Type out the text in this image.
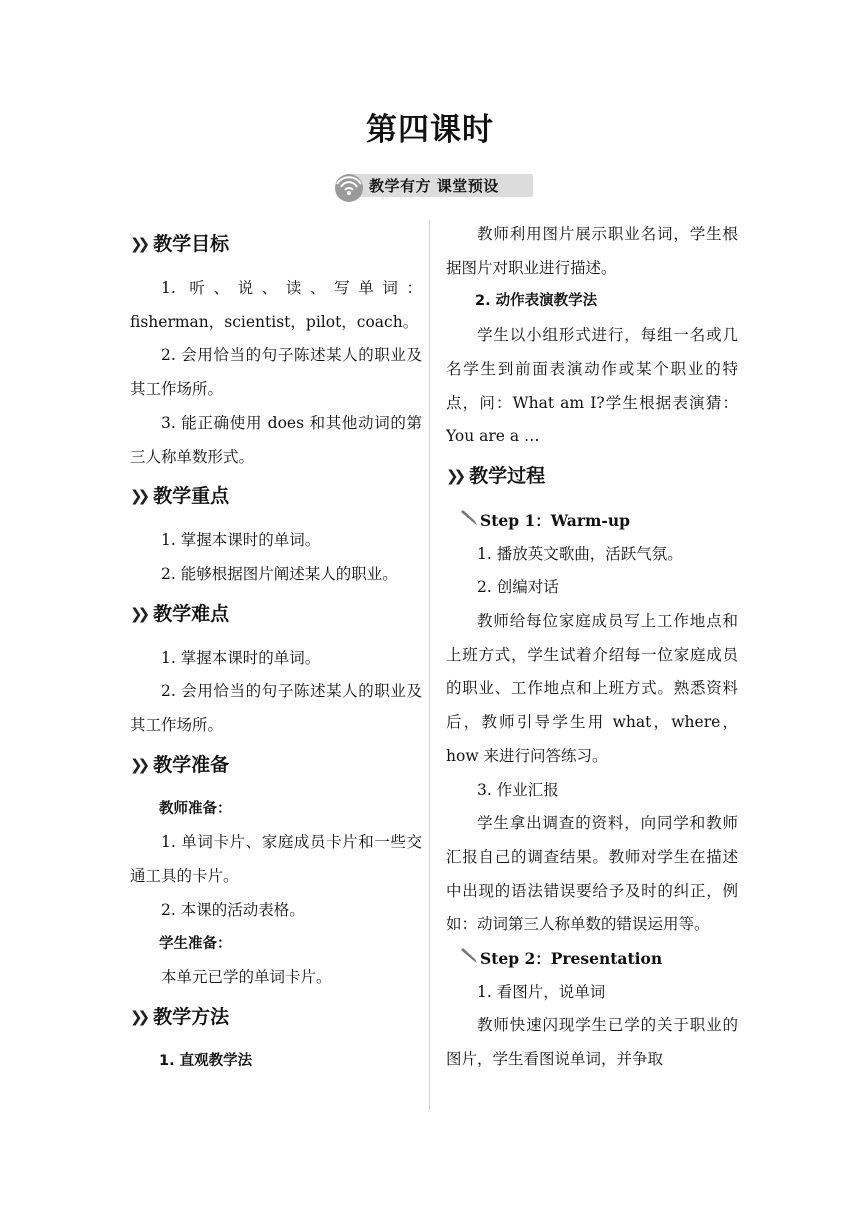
第四课时
教学有方 课堂预设
❯❯ 教学目标

1. 听、说、读、写单词：fisherman，scientist，pilot，coach。

2. 会用恰当的句子陈述某人的职业及其工作场所。

3. 能正确使用 does 和其他动词的第三人称单数形式。

❯❯ 教学重点

1. 掌握本课时的单词。

2. 能够根据图片阐述某人的职业。

❯❯ 教学难点

1. 掌握本课时的单词。

2. 会用恰当的句子陈述某人的职业及其工作场所。

❯❯ 教学准备

教师准备：

1. 单词卡片、家庭成员卡片和一些交通工具的卡片。

2. 本课的活动表格。

学生准备：

本单元已学的单词卡片。

❯❯ 教学方法

1. 直观教学法

教师利用图片展示职业名词，学生根据图片对职业进行描述。

2. 动作表演教学法

学生以小组形式进行，每组一名或几名学生到前面表演动作或某个职业的特点，问：What am I?学生根据表演猜：You are a …

❯❯ 教学过程

Step 1：Warm-up

1. 播放英文歌曲，活跃气氛。

2. 创编对话

教师给每位家庭成员写上工作地点和上班方式，学生试着介绍每一位家庭成员的职业、工作地点和上班方式。熟悉资料后，教师引导学生用 what，where，how 来进行问答练习。

3. 作业汇报

学生拿出调查的资料，向同学和教师汇报自己的调查结果。教师对学生在描述中出现的语法错误要给予及时的纠正，例如：动词第三人称单数的错误运用等。

Step 2：Presentation

1. 看图片，说单词

教师快速闪现学生已学的关于职业的图片，学生看图说单词，并争取
